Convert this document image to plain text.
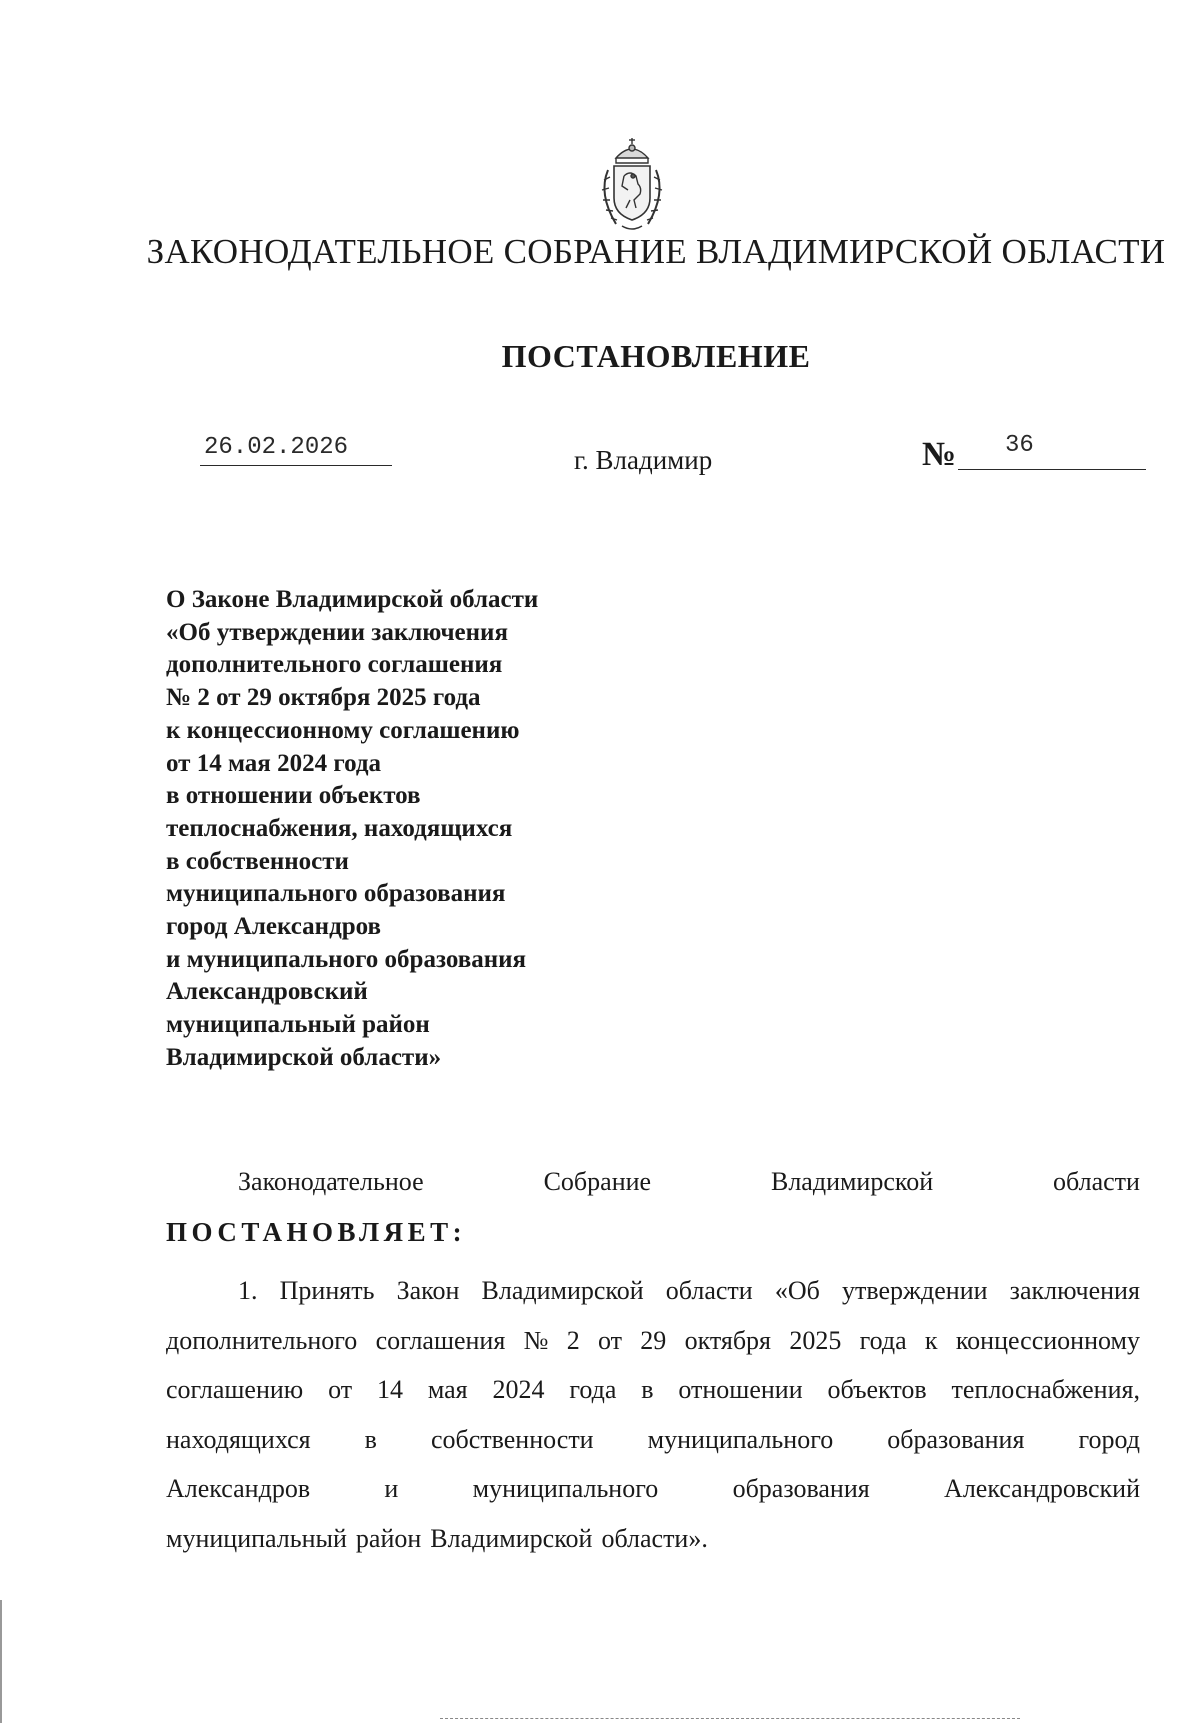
ЗАКОНОДАТЕЛЬНОЕ СОБРАНИЕ ВЛАДИМИРСКОЙ ОБЛАСТИ
ПОСТАНОВЛЕНИЕ
26.02.2026	г. Владимир	№ 36
О Законе Владимирской области
«Об утверждении заключения
дополнительного соглашения
№ 2 от 29 октября 2025 года
к концессионному соглашению
от 14 мая 2024 года
в отношении объектов
теплоснабжения, находящихся
в собственности
муниципального образования
город Александров
и муниципального образования
Александровский
муниципальный район
Владимирской области»
Законодательное	Собрание	Владимирской	области
ПОСТАНОВЛЯЕТ:
1. Принять Закон Владимирской области «Об утверждении заключения
дополнительного соглашения № 2 от 29 октября 2025 года к концессионному
соглашению от 14 мая 2024 года в отношении объектов теплоснабжения,
находящихся в собственности муниципального образования город
Александров	и	муниципального	образования	Александровский
муниципальный район Владимирской области».
